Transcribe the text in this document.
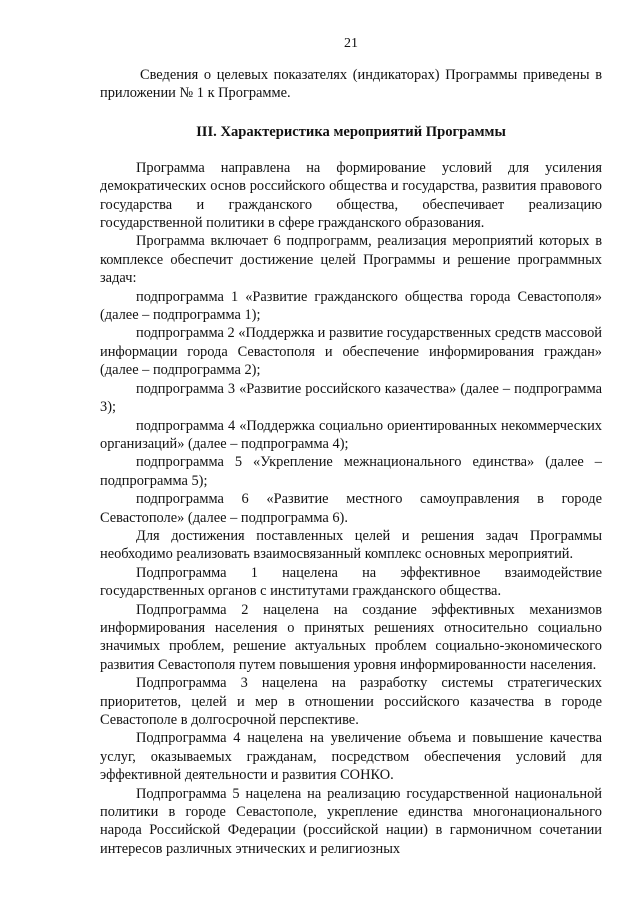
21

Сведения о целевых показателях (индикаторах) Программы приведены в приложении № 1 к Программе.

III. Характеристика мероприятий Программы

Программа направлена на формирование условий для усиления демократических основ российского общества и государства, развития правового государства и гражданского общества, обеспечивает реализацию государственной политики в сфере гражданского образования.

Программа включает 6 подпрограмм, реализация мероприятий которых в комплексе обеспечит достижение целей Программы и решение программных задач:

подпрограмма 1 «Развитие гражданского общества города Севастополя» (далее – подпрограмма 1);

подпрограмма 2 «Поддержка и развитие государственных средств массовой информации города Севастополя и обеспечение информирования граждан» (далее – подпрограмма 2);

подпрограмма 3 «Развитие российского казачества» (далее – подпрограмма 3);

подпрограмма 4 «Поддержка социально ориентированных некоммерческих организаций» (далее – подпрограмма 4);

подпрограмма 5 «Укрепление межнационального единства» (далее – подпрограмма 5);

подпрограмма 6 «Развитие местного самоуправления в городе Севастополе» (далее – подпрограмма 6).

Для достижения поставленных целей и решения задач Программы необходимо реализовать взаимосвязанный комплекс основных мероприятий.

Подпрограмма 1 нацелена на эффективное взаимодействие государственных органов с институтами гражданского общества.

Подпрограмма 2 нацелена на создание эффективных механизмов информирования населения о принятых решениях относительно социально значимых проблем, решение актуальных проблем социально-экономического развития Севастополя путем повышения уровня информированности населения.

Подпрограмма 3 нацелена на разработку системы стратегических приоритетов, целей и мер в отношении российского казачества в городе Севастополе в долгосрочной перспективе.

Подпрограмма 4 нацелена на увеличение объема и повышение качества услуг, оказываемых гражданам, посредством обеспечения условий для эффективной деятельности и развития СОНКО.

Подпрограмма 5 нацелена на реализацию государственной национальной политики в городе Севастополе, укрепление единства многонационального народа Российской Федерации (российской нации) в гармоничном сочетании интересов различных этнических и религиозных
